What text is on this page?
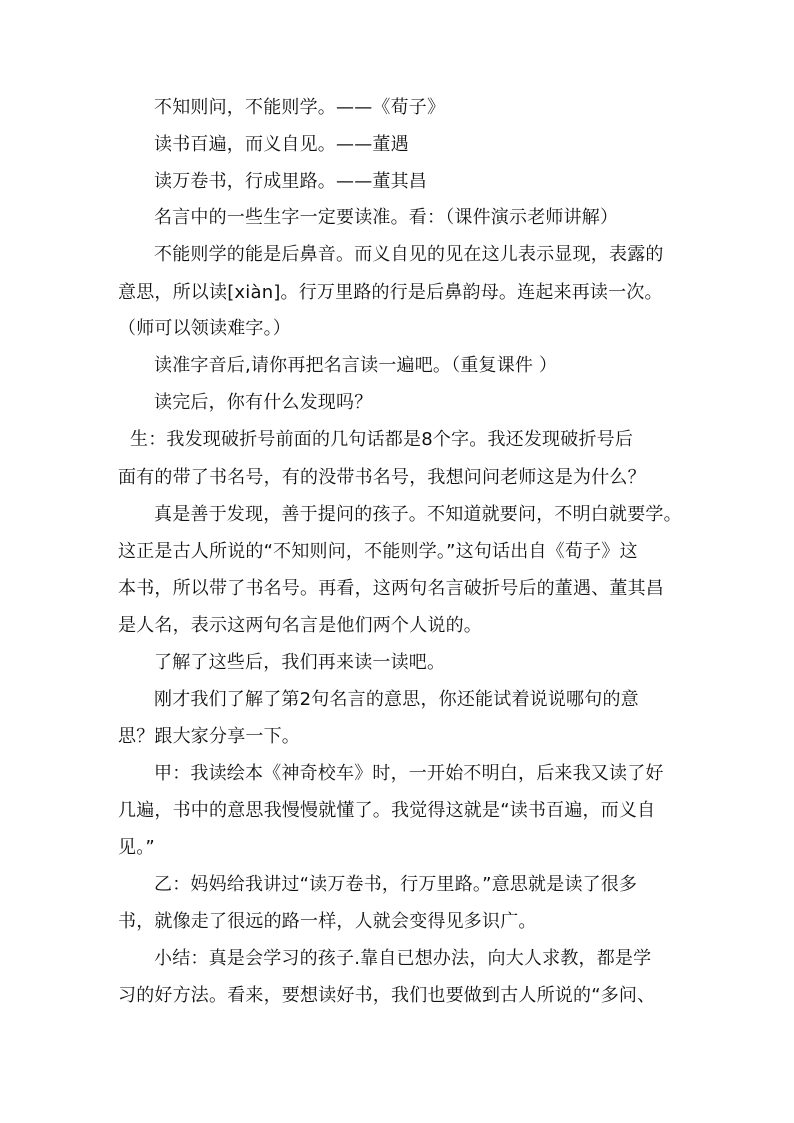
不知则问，不能则学。——《荀子》
读书百遍，而义自见。——董遇
读万卷书，行成里路。——董其昌
名言中的一些生字一定要读准。看：（课件演示老师讲解）
不能则学的能是后鼻音。而义自见的见在这儿表示显现，表露的
意思，所以读[xiàn]。行万里路的行是后鼻韵母。连起来再读一次。
（师可以领读难字。）
读准字音后,请你再把名言读一遍吧。（重复课件 ）
读完后，你有什么发现吗？
生：我发现破折号前面的几句话都是8个字。我还发现破折号后
面有的带了书名号，有的没带书名号，我想问问老师这是为什么？
真是善于发现，善于提问的孩子。不知道就要问，不明白就要学。
这正是古人所说的“不知则问，不能则学。”这句话出自《荀子》这
本书，所以带了书名号。再看，这两句名言破折号后的董遇、董其昌
是人名，表示这两句名言是他们两个人说的。
了解了这些后，我们再来读一读吧。
刚才我们了解了第2句名言的意思，你还能试着说说哪句的意
思？跟大家分享一下。
甲：我读绘本《神奇校车》时，一开始不明白，后来我又读了好
几遍，书中的意思我慢慢就懂了。我觉得这就是“读书百遍，而义自
见。”
乙：妈妈给我讲过“读万卷书，行万里路。”意思就是读了很多
书，就像走了很远的路一样，人就会变得见多识广。
小结：真是会学习的孩子.靠自已想办法，向大人求教，都是学
习的好方法。看来，要想读好书，我们也要做到古人所说的“多问、
